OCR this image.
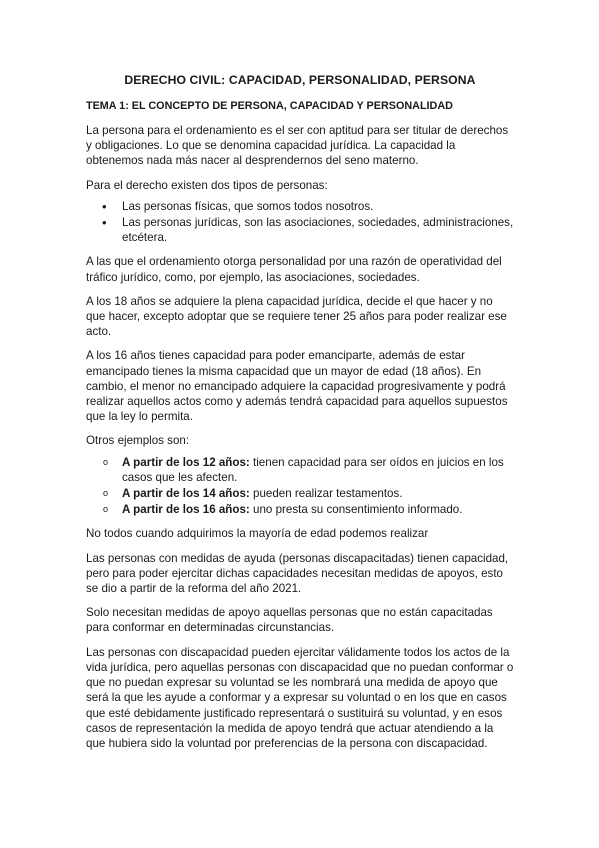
DERECHO CIVIL: CAPACIDAD, PERSONALIDAD, PERSONA
TEMA 1: EL CONCEPTO DE PERSONA, CAPACIDAD Y PERSONALIDAD

La persona para el ordenamiento es el ser con aptitud para ser titular de derechos y obligaciones. Lo que se denomina capacidad jurídica. La capacidad la obtenemos nada más nacer al desprendernos del seno materno.

Para el derecho existen dos tipos de personas:

• Las personas físicas, que somos todos nosotros.
• Las personas jurídicas, son las asociaciones, sociedades, administraciones, etcétera.

A las que el ordenamiento otorga personalidad por una razón de operatividad del tráfico jurídico, como, por ejemplo, las asociaciones, sociedades.

A los 18 años se adquiere la plena capacidad jurídica, decide el que hacer y no que hacer, excepto adoptar que se requiere tener 25 años para poder realizar ese acto.

A los 16 años tienes capacidad para poder emanciparte, además de estar emancipado tienes la misma capacidad que un mayor de edad (18 años). En cambio, el menor no emancipado adquiere la capacidad progresivamente y podrá realizar aquellos actos como y además tendrá capacidad para aquellos supuestos que la ley lo permita.

Otros ejemplos son:

o A partir de los 12 años: tienen capacidad para ser oídos en juicios en los casos que les afecten.
o A partir de los 14 años: pueden realizar testamentos.
o A partir de los 16 años: uno presta su consentimiento informado.

No todos cuando adquirimos la mayoría de edad podemos realizar

Las personas con medidas de ayuda (personas discapacitadas) tienen capacidad, pero para poder ejercitar dichas capacidades necesitan medidas de apoyos, esto se dio a partir de la reforma del año 2021.

Solo necesitan medidas de apoyo aquellas personas que no están capacitadas para conformar en determinadas circunstancias.

Las personas con discapacidad pueden ejercitar válidamente todos los actos de la vida jurídica, pero aquellas personas con discapacidad que no puedan conformar o que no puedan expresar su voluntad se les nombrará una medida de apoyo que será la que les ayude a conformar y a expresar su voluntad o en los que en casos que esté debidamente justificado representará o sustituirá su voluntad, y en esos casos de representación la medida de apoyo tendrá que actuar atendiendo a la que hubiera sido la voluntad por preferencias de la persona con discapacidad.
